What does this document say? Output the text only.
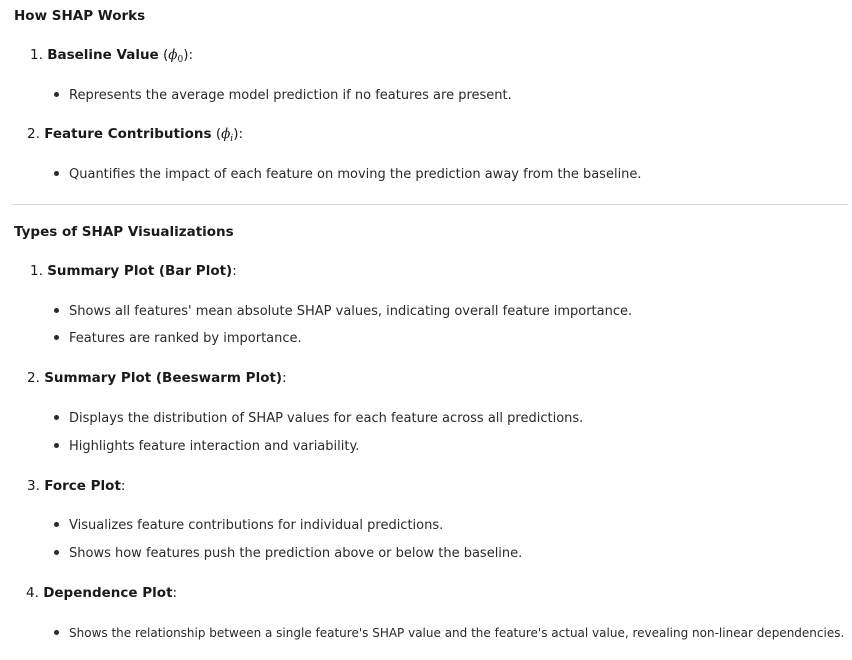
How SHAP Works
1. Baseline Value $(\phi_0)$:
Represents the average model prediction if no features are present.
2. Feature Contributions $(\phi_i)$:
Quantifies the impact of each feature on moving the prediction away from the baseline.
Types of SHAP Visualizations
1. Summary Plot (Bar Plot):
Shows all features' mean absolute SHAP values, indicating overall feature importance.
Features are ranked by importance.
2. Summary Plot (Beeswarm Plot):
Displays the distribution of SHAP values for each feature across all predictions.
Highlights feature interaction and variability.
3. Force Plot:
Visualizes feature contributions for individual predictions.
Shows how features push the prediction above or below the baseline.
4. Dependence Plot:
Shows the relationship between a single feature's SHAP value and the feature's actual value, revealing non-linear dependencies.
